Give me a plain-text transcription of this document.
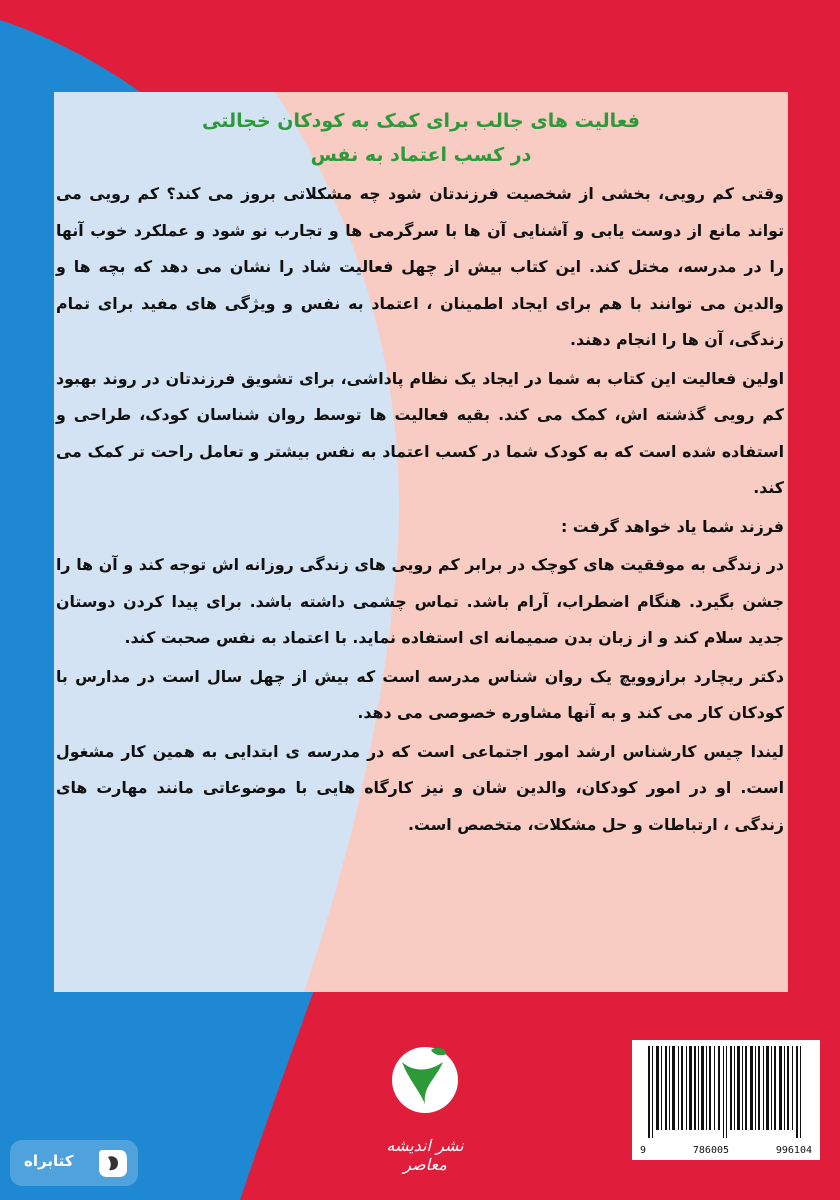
فعالیت های جالب برای کمک به کودکان خجالتی
در کسب اعتماد به نفس

وقتی کم رویی، بخشی از شخصیت فرزندتان شود چه مشکلاتی بروز می کند؟ کم رویی می تواند مانع از دوست یابی و آشنایی آن ها با سرگرمی ها و تجارب نو شود و عملکرد خوب آنها را در مدرسه، مختل کند. این کتاب بیش از چهل فعالیت شاد را نشان می دهد که بچه ها و والدین می توانند با هم برای ایجاد اطمینان ، اعتماد به نفس و ویژگی های مفید برای تمام زندگی، آن ها را انجام دهند.

اولین فعالیت این کتاب به شما در ایجاد یک نظام پاداشی، برای تشویق فرزندتان در روند بهبود کم رویی گذشته اش، کمک می کند. بقیه فعالیت ها توسط روان شناسان کودک، طراحی و استفاده شده است که به کودک شما در کسب اعتماد به نفس بیشتر و تعامل راحت تر کمک می کند.

فرزند شما یاد خواهد گرفت :

در زندگی به موفقیت های کوچک در برابر کم رویی های زندگی روزانه اش توجه کند و آن ها را جشن بگیرد. هنگام اضطراب، آرام باشد. تماس چشمی داشته باشد. برای پیدا کردن دوستان جدید سلام کند و از زبان بدن صمیمانه ای استفاده نماید. با اعتماد به نفس صحبت کند.

دکتر ریچارد برازوویچ یک روان شناس مدرسه است که بیش از چهل سال است در مدارس با کودکان کار می کند و به آنها مشاوره خصوصی می دهد.

لیندا چیس کارشناس ارشد امور اجتماعی است که در مدرسه ی ابتدایی به همین کار مشغول است. او در امور کودکان، والدین شان و نیز کارگاه هایی با موضوعاتی مانند مهارت های زندگی ، ارتباطات و حل مشکلات، متخصص است.

نشر اندیشه معاصر
9	786005	996104
کتابراه
